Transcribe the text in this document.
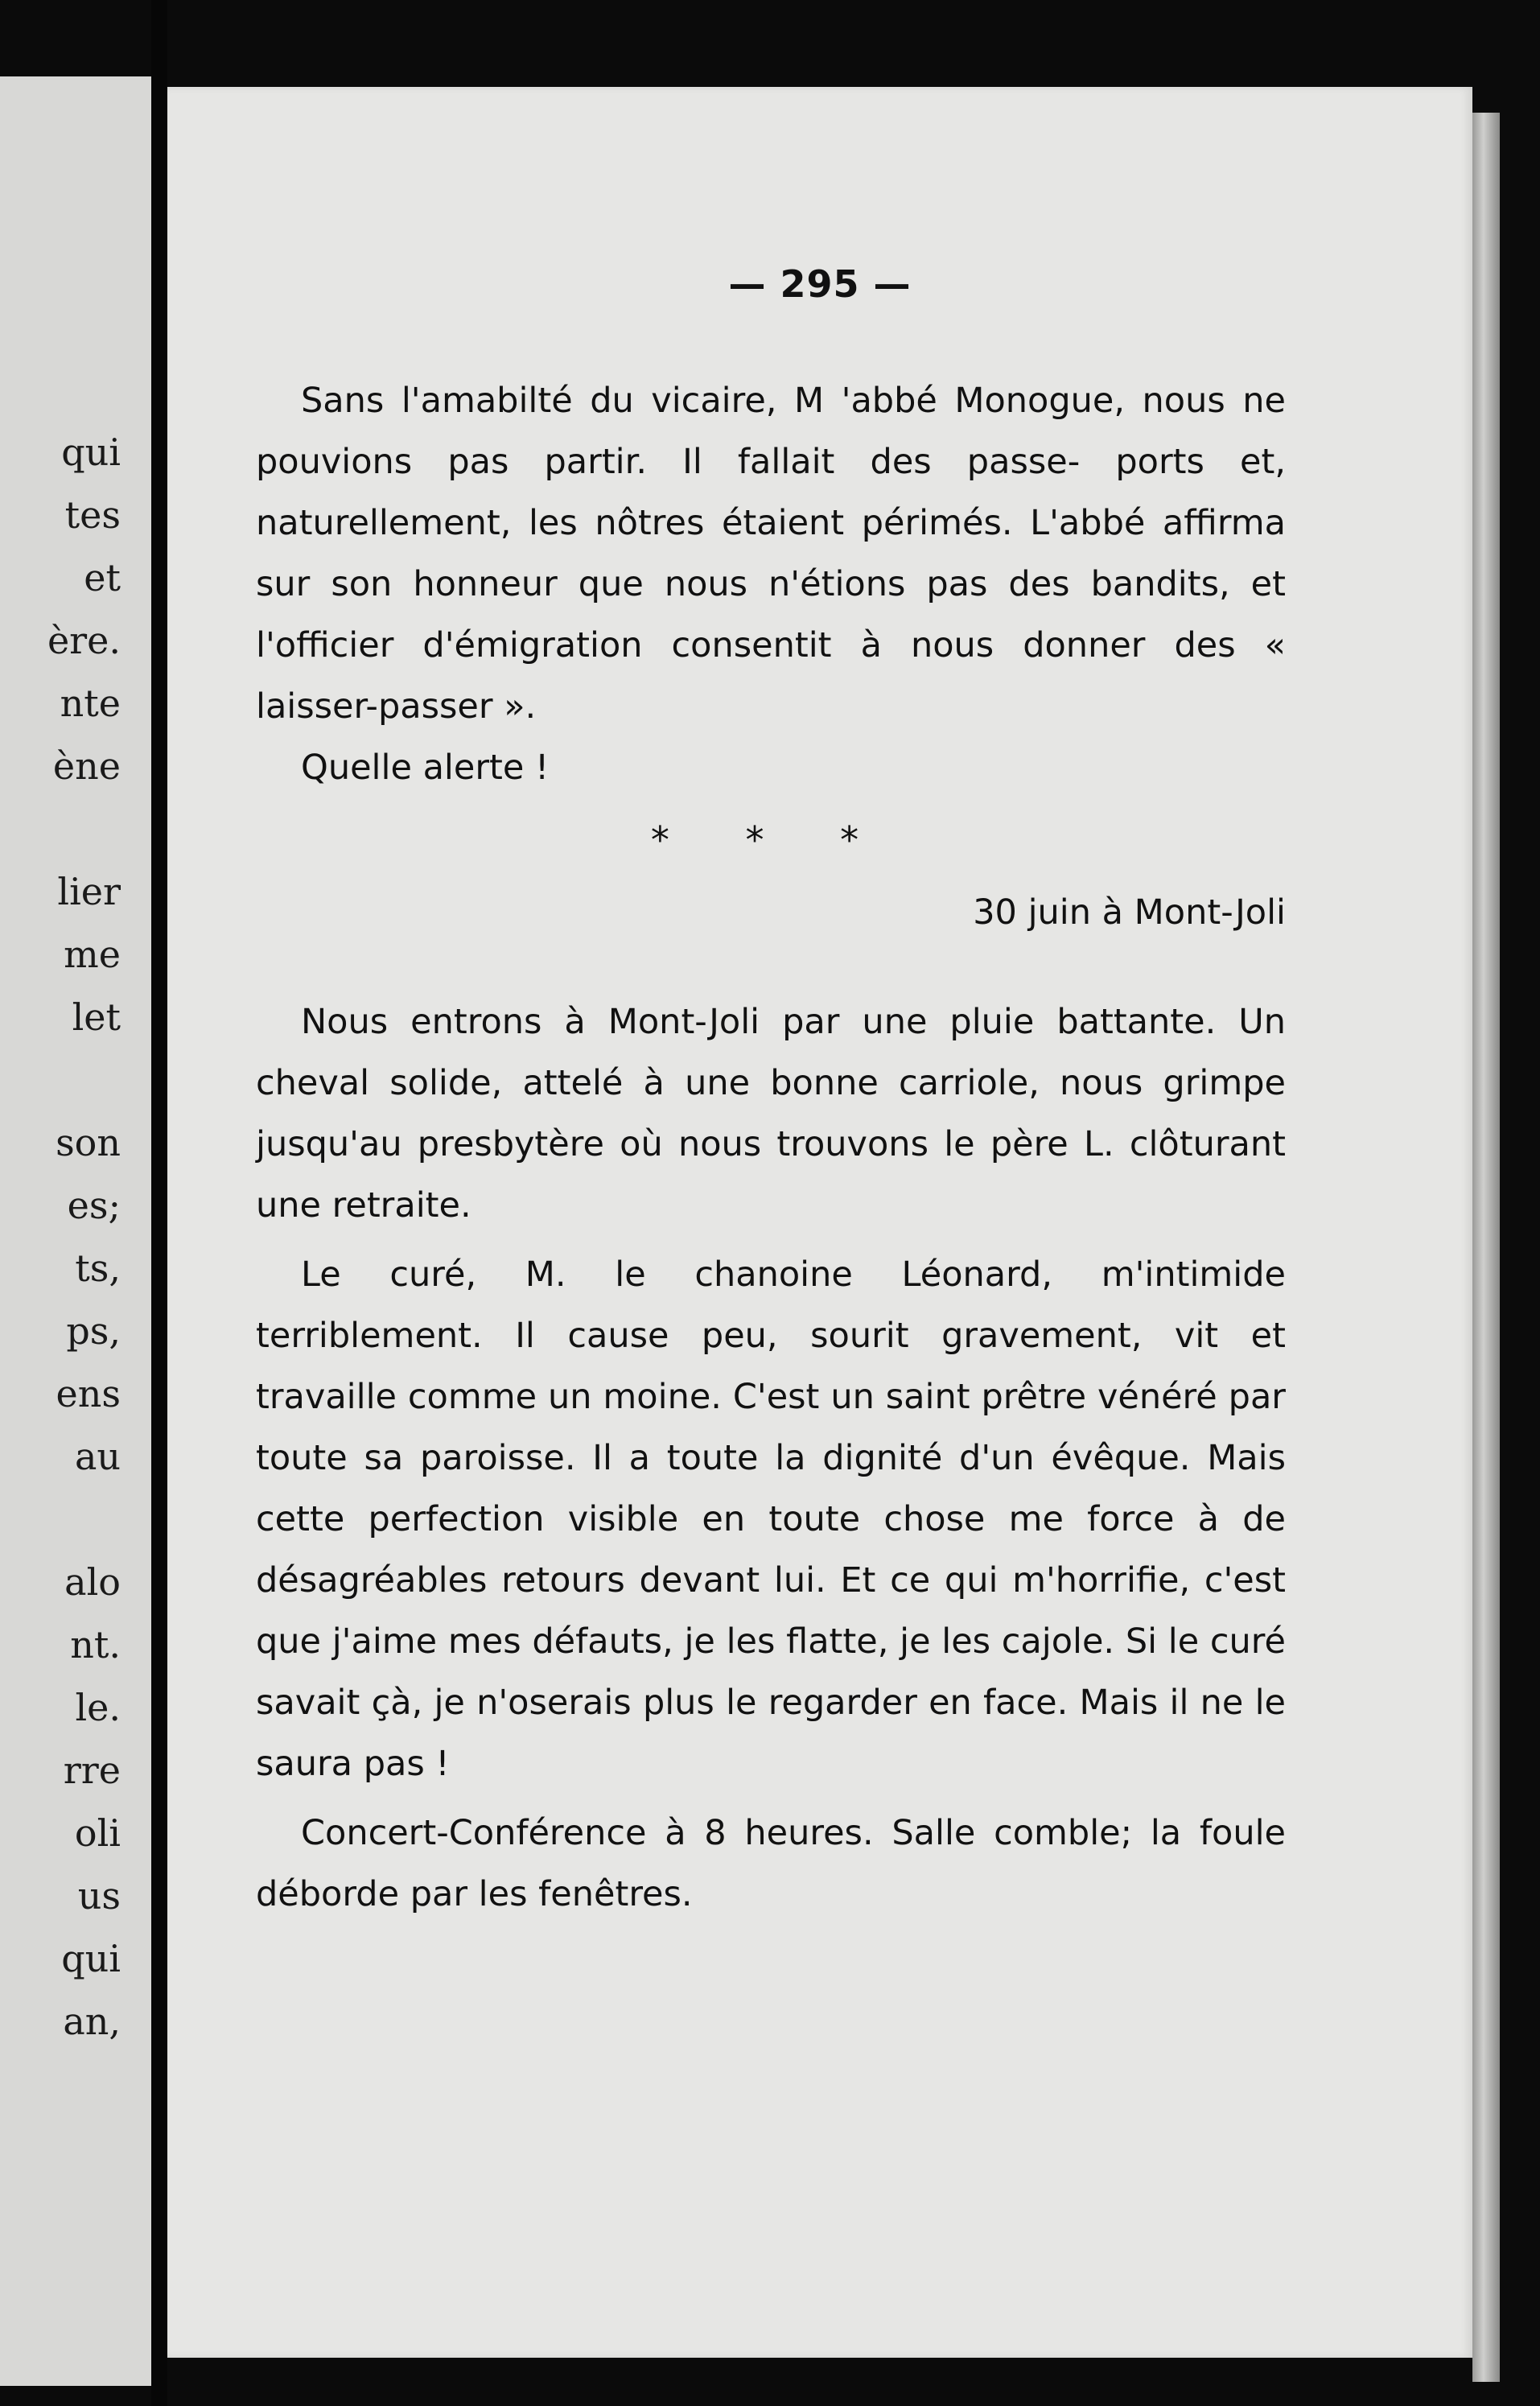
qui
tes
et
ère.
nte
ène
lier
me
let
son
es;
ts,
ps,
ens
au
alo
nt.
le.
rre
oli
us
qui
an,
— 295 —

Sans l'amabilté du vicaire, M 'abbé Monogue, nous ne pouvions pas partir. Il fallait des passe- ports et, naturellement, les nôtres étaient périmés. L'abbé affirma sur son honneur que nous n'étions pas des bandits, et l'officier d'émigration consentit à nous donner des « laisser-passer ».

Quelle alerte !

* * *
30 juin à Mont-Joli

Nous entrons à Mont-Joli par une pluie battante. Un cheval solide, attelé à une bonne carriole, nous grimpe jusqu'au presbytère où nous trouvons le père L. clôturant une retraite.

Le curé, M. le chanoine Léonard, m'intimide terriblement. Il cause peu, sourit gravement, vit et travaille comme un moine. C'est un saint prêtre vénéré par toute sa paroisse. Il a toute la dignité d'un évêque. Mais cette perfection visible en toute chose me force à de désagréables retours devant lui. Et ce qui m'horrifie, c'est que j'aime mes défauts, je les flatte, je les cajole. Si le curé savait çà, je n'oserais plus le regarder en face. Mais il ne le saura pas !

Concert-Conférence à 8 heures. Salle comble; la foule déborde par les fenêtres.
